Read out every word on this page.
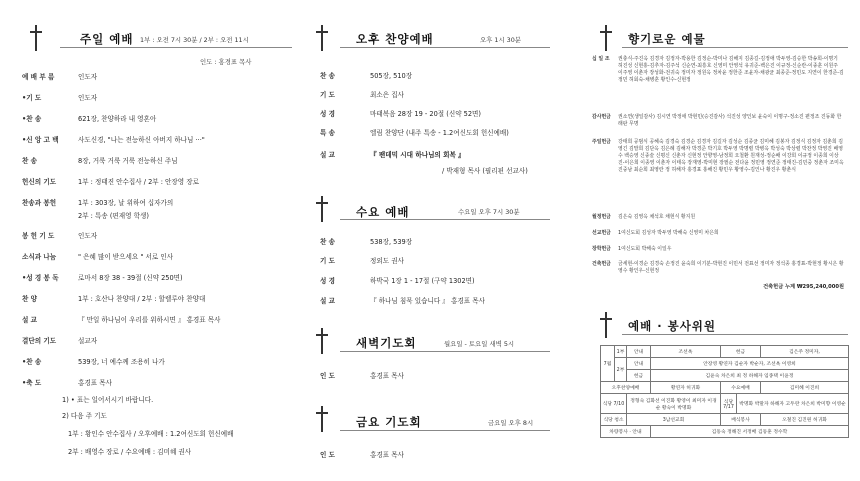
주일 예배 1부 : 오전 7시 30분 / 2부 : 오전 11시
인도 : 홍경표 목사
예 배 부 름	인도자
•기 도	인도자
•찬 송	621장, 찬양하라 내 영혼아
•신 앙 고 백	사도신경, "나는 전능하신 아버지 하나님 ···"
찬 송	8장, 거룩 거룩 거룩 전능하신 주님
헌신의 기도	1부 : 정태진 안수집사 / 2부 : 안장영 장로
찬송과 봉헌	1부 : 303장, 날 위하여 십자가의
2부 : 특송 (편재영 학생)
봉 헌 기 도	인도자
소식과 나눔	" 은혜 많이 받으세요 " 서로 인사
•성 경 봉 독	로마서 8장 38 - 39절 (신약 250면)
찬 양	1부 : 호산나 찬양대 / 2부 : 할렐루야 찬양대
설 교	『 만일 하나님이 우리를 위하시면 』 홍경표 목사
결단의 기도	설교자
•찬 송	539장, 너 예수께 조용히 나가
•축 도	홍경표 목사
1) • 표는 일어서시기 바랍니다.
2) 다음 주 기도
1부 : 황인수 안수집사 / 오후예배 : 1.2여신도회 헌신예배
2부 : 배영수 장로 / 수요예배 : 김미혜 권사
오후 찬양예배	오후 1시 30분
찬 송	505장, 510장
기 도	최소은 집사
성 경	마태복음 28장 19 - 20절 (신약 52면)
특 송	엘림 찬양단 (내주 특송 - 1.2여신도회 헌신예배)
설 교	『 팬데믹 시대 하나님의 회복 』
/ 박재형 목사 (필리핀 선교사)
수요 예배	수요일 오후 7시 30분
찬 송	538장, 539장
기 도	정외도 권사
성 경	하박국 1장 1 - 17절 (구약 1302면)
설 교	『 하나님 침묵 있습니다 』 홍경표 목사
새벽기도회	월요일 - 토요일 새벽 5시
인 도	홍경표 목사
금요 기도회	금요일 오후 8시
인 도	홍경표 목사
향기로운 예물
십 일 조	권충식-주진옥 김경자 김정자-박용한 김정순-박미나 김해지 김종길-김정애 박두영-김승한 박송희-이명기 허진성 신현홍-김추자-김주석 신순연-최흥호 신영미 안영석 유귀준-백은진 이규정-신순란-이종훈 이원주 이주영 이춘자 장성화-전귀숙 정미자 정원옥 정차윤 정한준 조윤자-채광균 최종준-정민도 지연이 한경준-김정민 허회숙-채병훈 황인수-신현정
감사헌금	권소연(생일감사) 김시연 박정애 박현민(승진감사) 석진성 양인보 윤숙이 이명구-정소진 편정조 진동화 한래판 무명
주일헌금	강태희 공범식 공혜숙 김경숙 김경순 김경자 김길자 김성순 김종균 김미혜 김봉자 김정식 김정자 김춘희 김영긴 김말희 김단옥 김은례 김해자 박경준 박기호 박두영 박명렬 박병옥 박성숙 박상렬 박찬정 박영진 배영수 백승영 신종술 신평신 신춘자 신현정 안향영-남정희 오철환 원재성-정순배 이강희 이규정 이종희 이상진-이은희 이종영 이춘자 이태옥 장재영-박미현 장필순 전다윤 정민영 정연준 정태진-김민중 정춘자 조미옥 진중남 최순희 최영란 정 허해자 홍경표 홍해진 황민우 황영수-김인나 황진우 황춘식
월정헌금	김은숙 김영옥 채석호 채현식 황지원
선교헌금	1여신도회 김성자 박두영 박해숙 신영미 차은희
장학헌금	1여신도회 박해숙 이일우
건축헌금	금세현-이경순 김경숙 손정진 윤숙희 이기분-박현진 이민서 전표선 정미자 정석종 홍경표-박현정 황시은 황영수 황인우-신현정
건축헌금 누계 ₩295,240,000원
예배 · 봉사위원
7월	1부	안내	조선옥	헌금		김은주 정미자,
	2부	안내	안장영 황연자 김순자 박순자, 조선옥 이영희			
		헌금	김윤숙 차은희 최 정 하해자 임종택 이윤정			
오후찬양예배			황연자 허귀화	수요예배		김미혜 이진희
식당 7/10		정형숙 김화선 이진화 황영이 최미자 이경순 황숙이 박명화		식당 7/17	박명화 박말자 하해자 고두란 차은희 박미향 이영순	
식당 청소		3남선교회		배식봉사		오철진 김진원 허귀화
차량봉사 · 안내			김동숙 정해진 서정배 김동훈 정수학			
